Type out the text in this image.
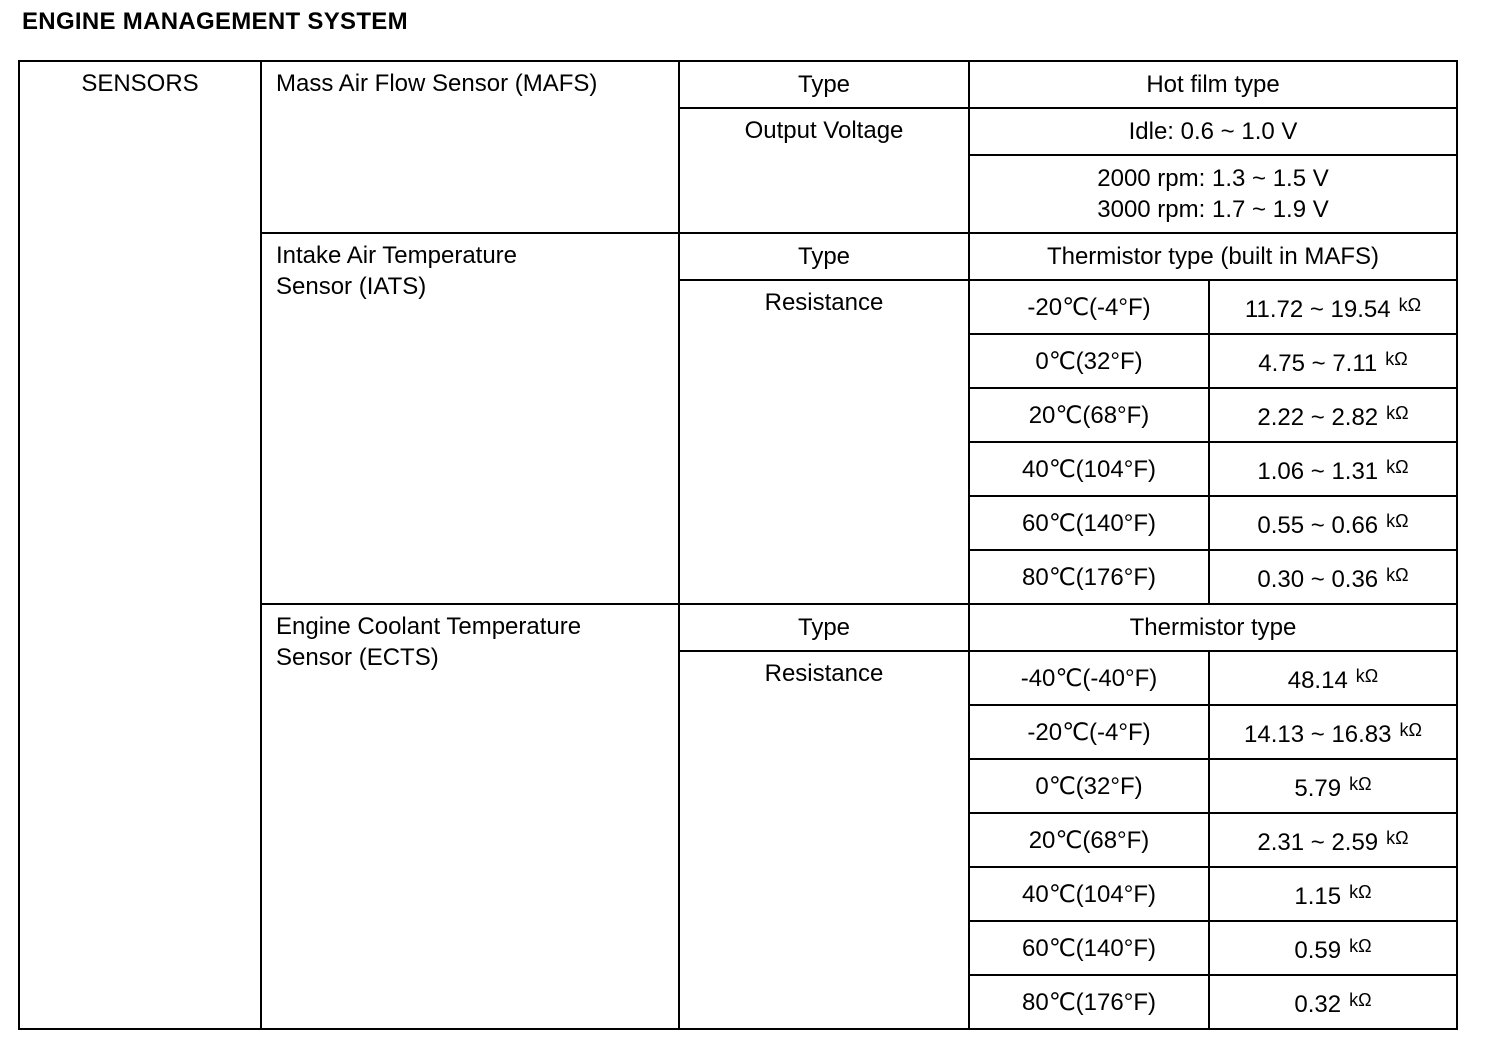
ENGINE MANAGEMENT SYSTEM
SENSORS	Mass Air Flow Sensor (MAFS)	Type	Hot film type	
		Output Voltage	Idle: 0.6 ~ 1.0 V	

			2000 rpm: 1.3 ~ 1.5 V
3000 rpm: 1.7 ~ 1.9 V	

	Intake Air Temperature
Sensor (IATS)	Type	Thermistor type (built in MAFS)	
		Resistance	-20℃(-4°F)	11.72 ~ 19.54 $^{k\Omega}$
			0℃(32°F)	4.75 ~ 7.11 $^{k\Omega}$
			20℃(68°F)	2.22 ~ 2.82 $^{k\Omega}$
			40℃(104°F)	1.06 ~ 1.31 $^{k\Omega}$
			60℃(140°F)	0.55 ~ 0.66 $^{k\Omega}$
			80℃(176°F)	0.30 ~ 0.36 $^{k\Omega}$

	Engine Coolant Temperature
Sensor (ECTS)	Type	Thermistor type	
		Resistance	-40℃(-40°F)	48.14 $^{k\Omega}$
			-20℃(-4°F)	14.13 ~ 16.83 $^{k\Omega}$
			0℃(32°F)	5.79 $^{k\Omega}$
			20℃(68°F)	2.31 ~ 2.59 $^{k\Omega}$
			40℃(104°F)	1.15 $^{k\Omega}$
			60℃(140°F)	0.59 $^{k\Omega}$
			80℃(176°F)	0.32 $^{k\Omega}$
